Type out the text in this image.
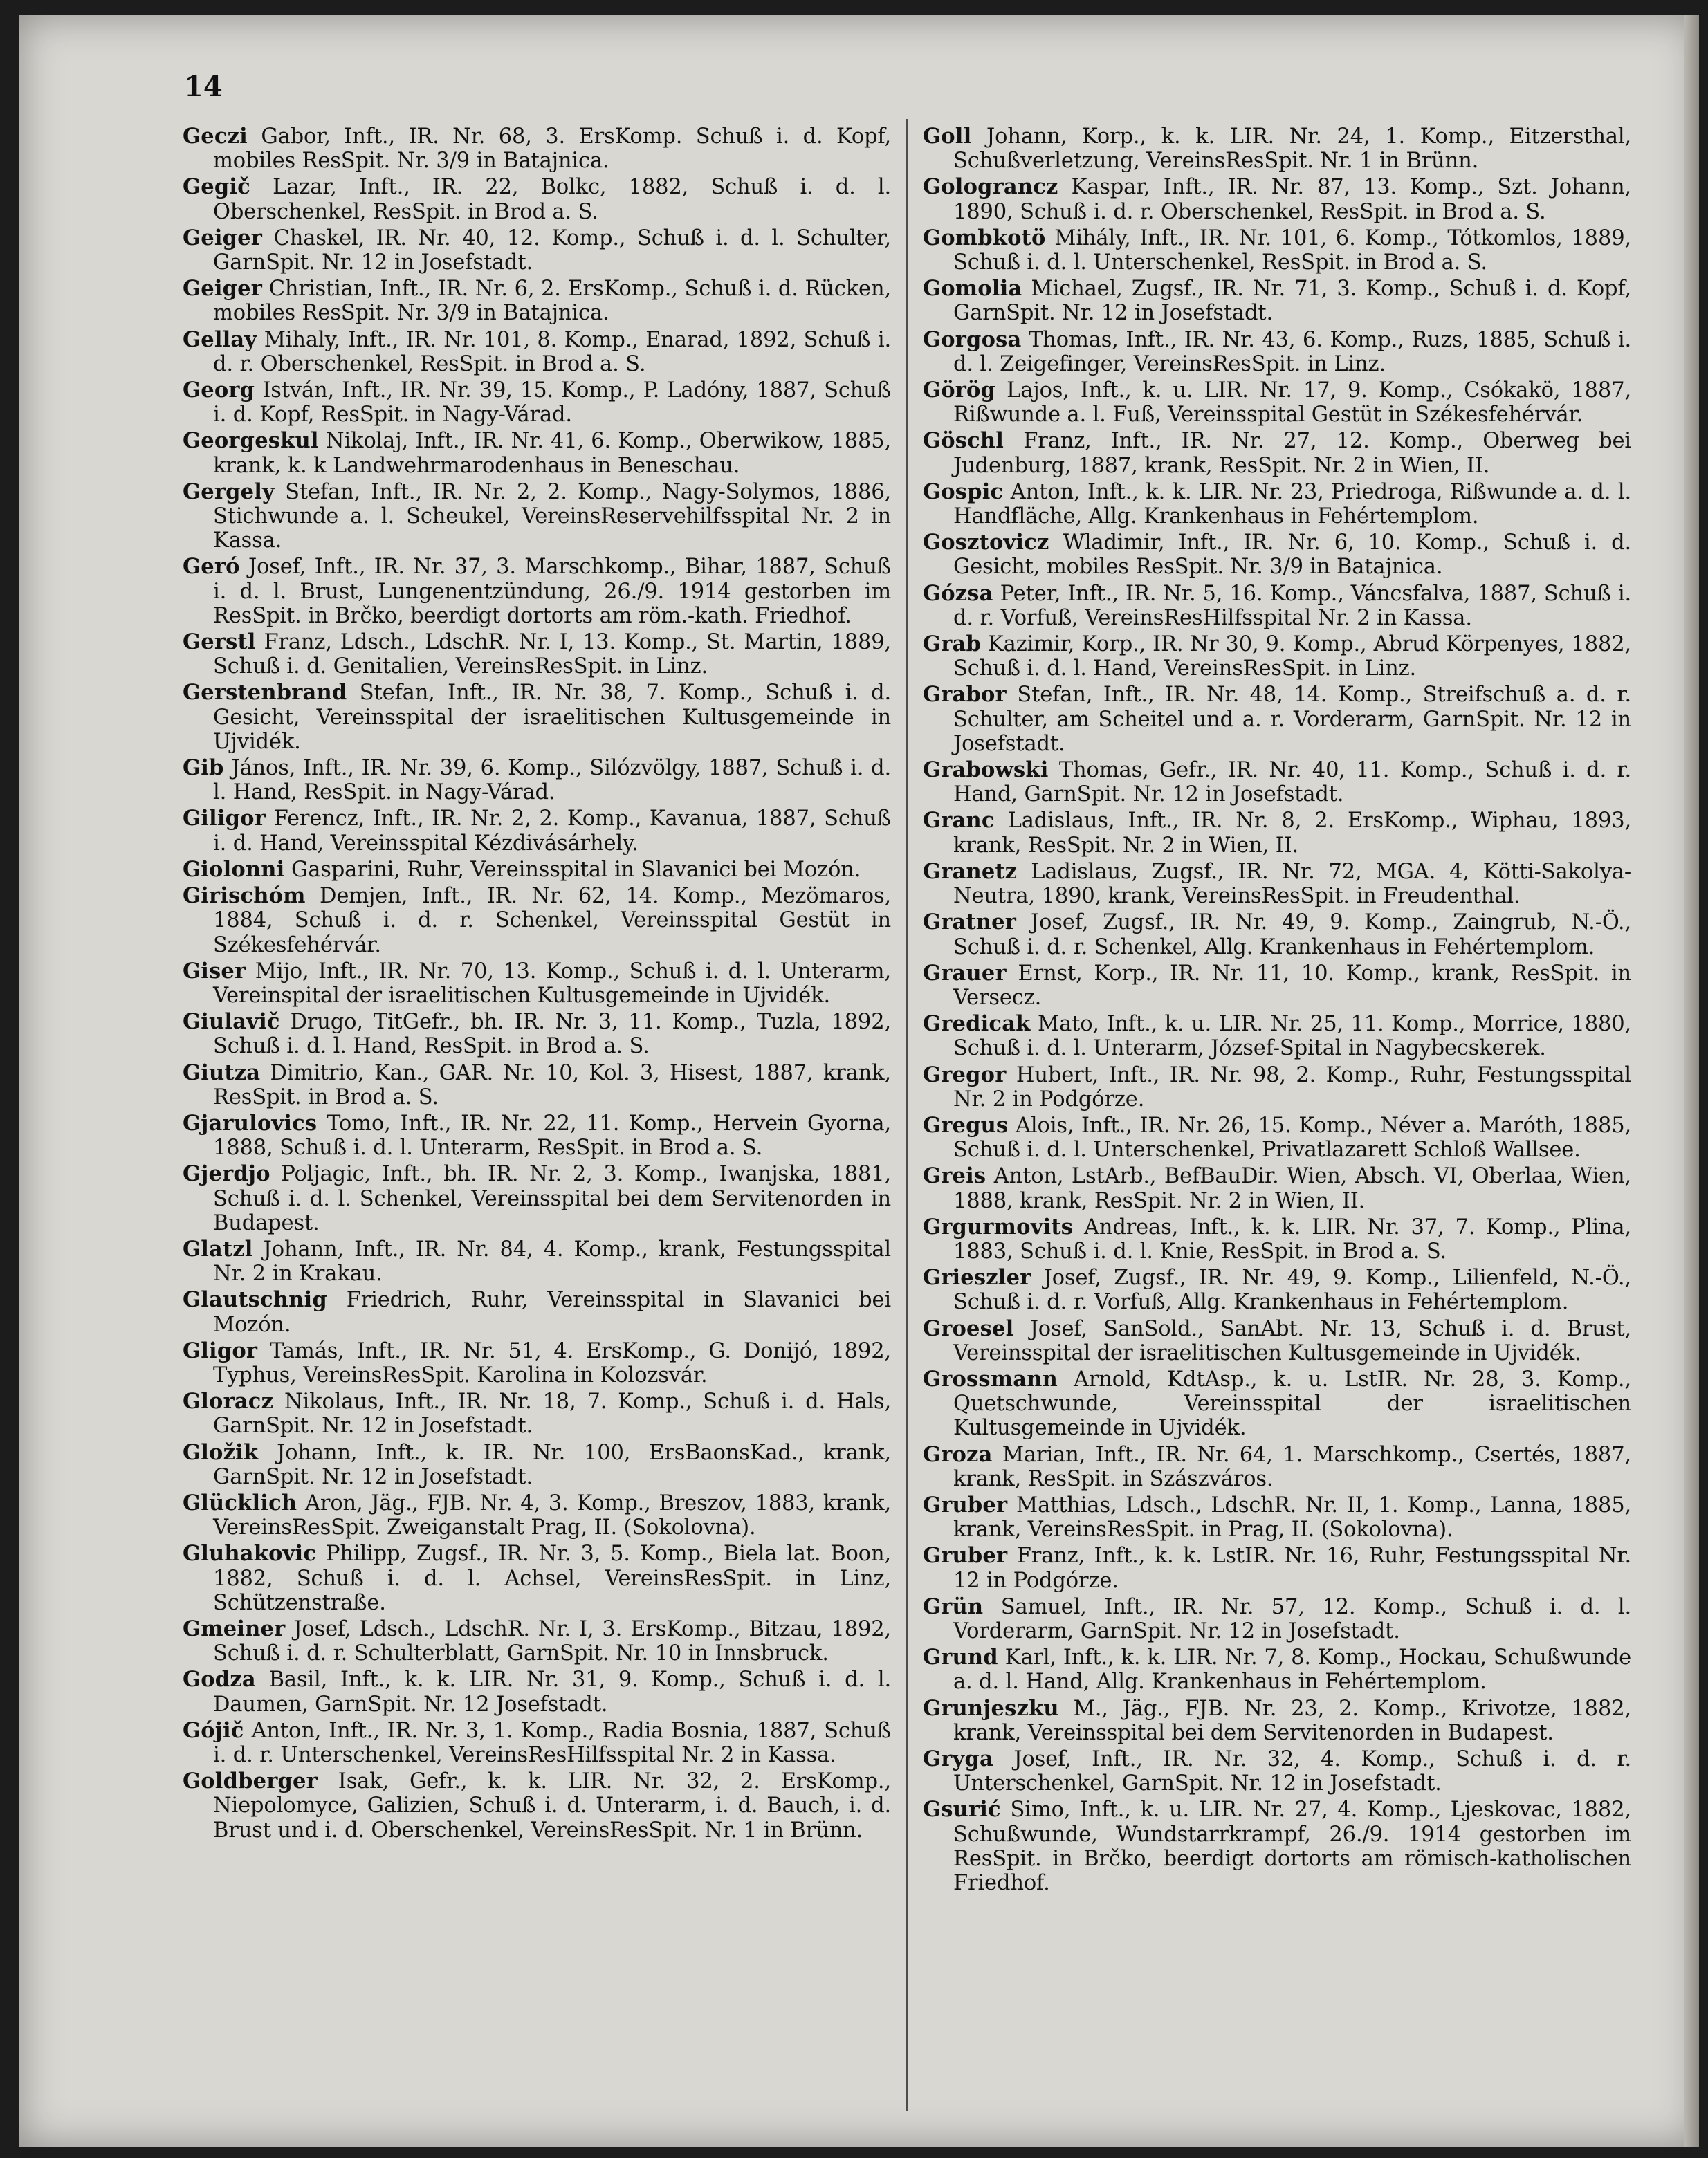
14

Geczi Gabor, Inft., IR. Nr. 68, 3. ErsKomp. Schuß i. d. Kopf, mobiles ResSpit. Nr. 3/9 in Batajnica.

Gegič Lazar, Inft., IR. 22, Bolkc, 1882, Schuß i. d. l. Oberschenkel, ResSpit. in Brod a. S.

Geiger Chaskel, IR. Nr. 40, 12. Komp., Schuß i. d. l. Schulter, GarnSpit. Nr. 12 in Josefstadt.

Geiger Christian, Inft., IR. Nr. 6, 2. ErsKomp., Schuß i. d. Rücken, mobiles ResSpit. Nr. 3/9 in Batajnica.

Gellay Mihaly, Inft., IR. Nr. 101, 8. Komp., Enarad, 1892, Schuß i. d. r. Oberschenkel, ResSpit. in Brod a. S.

Georg István, Inft., IR. Nr. 39, 15. Komp., P. Ladóny, 1887, Schuß i. d. Kopf, ResSpit. in Nagy-Várad.

Georgeskul Nikolaj, Inft., IR. Nr. 41, 6. Komp., Oberwikow, 1885, krank, k. k Landwehrmarodenhaus in Beneschau.

Gergely Stefan, Inft., IR. Nr. 2, 2. Komp., Nagy-Solymos, 1886, Stichwunde a. l. Scheukel, VereinsReservehilfsspital Nr. 2 in Kassa.

Geró Josef, Inft., IR. Nr. 37, 3. Marschkomp., Bihar, 1887, Schuß i. d. l. Brust, Lungenentzündung, 26./9. 1914 gestorben im ResSpit. in Brčko, beerdigt dortorts am röm.-kath. Friedhof.

Gerstl Franz, Ldsch., LdschR. Nr. I, 13. Komp., St. Martin, 1889, Schuß i. d. Genitalien, VereinsResSpit. in Linz.

Gerstenbrand Stefan, Inft., IR. Nr. 38, 7. Komp., Schuß i. d. Gesicht, Vereinsspital der israelitischen Kultusgemeinde in Ujvidék.

Gib János, Inft., IR. Nr. 39, 6. Komp., Silózvölgy, 1887, Schuß i. d. l. Hand, ResSpit. in Nagy-Várad.

Giligor Ferencz, Inft., IR. Nr. 2, 2. Komp., Kavanua, 1887, Schuß i. d. Hand, Vereinsspital Kézdivásárhely.

Giolonni Gasparini, Ruhr, Vereinsspital in Slavanici bei Mozón.

Girischóm Demjen, Inft., IR. Nr. 62, 14. Komp., Mezömaros, 1884, Schuß i. d. r. Schenkel, Vereinsspital Gestüt in Székesfehérvár.

Giser Mijo, Inft., IR. Nr. 70, 13. Komp., Schuß i. d. l. Unterarm, Vereinspital der israelitischen Kultusgemeinde in Ujvidék.

Giulavič Drugo, TitGefr., bh. IR. Nr. 3, 11. Komp., Tuzla, 1892, Schuß i. d. l. Hand, ResSpit. in Brod a. S.

Giutza Dimitrio, Kan., GAR. Nr. 10, Kol. 3, Hisest, 1887, krank, ResSpit. in Brod a. S.

Gjarulovics Tomo, Inft., IR. Nr. 22, 11. Komp., Hervein Gyorna, 1888, Schuß i. d. l. Unterarm, ResSpit. in Brod a. S.

Gjerdjo Poljagic, Inft., bh. IR. Nr. 2, 3. Komp., Iwanjska, 1881, Schuß i. d. l. Schenkel, Vereinsspital bei dem Servitenorden in Budapest.

Glatzl Johann, Inft., IR. Nr. 84, 4. Komp., krank, Festungsspital Nr. 2 in Krakau.

Glautschnig Friedrich, Ruhr, Vereinsspital in Slavanici bei Mozón.

Gligor Tamás, Inft., IR. Nr. 51, 4. ErsKomp., G. Donijó, 1892, Typhus, VereinsResSpit. Karolina in Kolozsvár.

Gloracz Nikolaus, Inft., IR. Nr. 18, 7. Komp., Schuß i. d. Hals, GarnSpit. Nr. 12 in Josefstadt.

Gložik Johann, Inft., k. IR. Nr. 100, ErsBaonsKad., krank, GarnSpit. Nr. 12 in Josefstadt.

Glücklich Aron, Jäg., FJB. Nr. 4, 3. Komp., Breszov, 1883, krank, VereinsResSpit. Zweiganstalt Prag, II. (Sokolovna).

Gluhakovic Philipp, Zugsf., IR. Nr. 3, 5. Komp., Biela lat. Boon, 1882, Schuß i. d. l. Achsel, VereinsResSpit. in Linz, Schützenstraße.

Gmeiner Josef, Ldsch., LdschR. Nr. I, 3. ErsKomp., Bitzau, 1892, Schuß i. d. r. Schulterblatt, GarnSpit. Nr. 10 in Innsbruck.

Godza Basil, Inft., k. k. LIR. Nr. 31, 9. Komp., Schuß i. d. l. Daumen, GarnSpit. Nr. 12 Josefstadt.

Gójič Anton, Inft., IR. Nr. 3, 1. Komp., Radia Bosnia, 1887, Schuß i. d. r. Unterschenkel, VereinsResHilfsspital Nr. 2 in Kassa.

Goldberger Isak, Gefr., k. k. LIR. Nr. 32, 2. ErsKomp., Niepolomyce, Galizien, Schuß i. d. Unterarm, i. d. Bauch, i. d. Brust und i. d. Oberschenkel, VereinsResSpit. Nr. 1 in Brünn.

Goll Johann, Korp., k. k. LIR. Nr. 24, 1. Komp., Eitzersthal, Schußverletzung, VereinsResSpit. Nr. 1 in Brünn.

Golograncz Kaspar, Inft., IR. Nr. 87, 13. Komp., Szt. Johann, 1890, Schuß i. d. r. Oberschenkel, ResSpit. in Brod a. S.

Gombkotö Mihály, Inft., IR. Nr. 101, 6. Komp., Tótkomlos, 1889, Schuß i. d. l. Unterschenkel, ResSpit. in Brod a. S.

Gomolia Michael, Zugsf., IR. Nr. 71, 3. Komp., Schuß i. d. Kopf, GarnSpit. Nr. 12 in Josefstadt.

Gorgosa Thomas, Inft., IR. Nr. 43, 6. Komp., Ruzs, 1885, Schuß i. d. l. Zeigefinger, VereinsResSpit. in Linz.

Görög Lajos, Inft., k. u. LIR. Nr. 17, 9. Komp., Csókakö, 1887, Rißwunde a. l. Fuß, Vereinsspital Gestüt in Székesfehérvár.

Göschl Franz, Inft., IR. Nr. 27, 12. Komp., Oberweg bei Judenburg, 1887, krank, ResSpit. Nr. 2 in Wien, II.

Gospic Anton, Inft., k. k. LIR. Nr. 23, Priedroga, Rißwunde a. d. l. Handfläche, Allg. Krankenhaus in Fehértemplom.

Gosztovicz Wladimir, Inft., IR. Nr. 6, 10. Komp., Schuß i. d. Gesicht, mobiles ResSpit. Nr. 3/9 in Batajnica.

Gózsa Peter, Inft., IR. Nr. 5, 16. Komp., Váncsfalva, 1887, Schuß i. d. r. Vorfuß, VereinsResHilfsspital Nr. 2 in Kassa.

Grab Kazimir, Korp., IR. Nr 30, 9. Komp., Abrud Körpenyes, 1882, Schuß i. d. l. Hand, VereinsResSpit. in Linz.

Grabor Stefan, Inft., IR. Nr. 48, 14. Komp., Streifschuß a. d. r. Schulter, am Scheitel und a. r. Vorderarm, GarnSpit. Nr. 12 in Josefstadt.

Grabowski Thomas, Gefr., IR. Nr. 40, 11. Komp., Schuß i. d. r. Hand, GarnSpit. Nr. 12 in Josefstadt.

Granc Ladislaus, Inft., IR. Nr. 8, 2. ErsKomp., Wiphau, 1893, krank, ResSpit. Nr. 2 in Wien, II.

Granetz Ladislaus, Zugsf., IR. Nr. 72, MGA. 4, Kötti-Sakolya-Neutra, 1890, krank, VereinsResSpit. in Freudenthal.

Gratner Josef, Zugsf., IR. Nr. 49, 9. Komp., Zaingrub, N.-Ö., Schuß i. d. r. Schenkel, Allg. Krankenhaus in Fehértemplom.

Grauer Ernst, Korp., IR. Nr. 11, 10. Komp., krank, ResSpit. in Versecz.

Gredicak Mato, Inft., k. u. LIR. Nr. 25, 11. Komp., Morrice, 1880, Schuß i. d. l. Unterarm, József-Spital in Nagybecskerek.

Gregor Hubert, Inft., IR. Nr. 98, 2. Komp., Ruhr, Festungsspital Nr. 2 in Podgórze.

Gregus Alois, Inft., IR. Nr. 26, 15. Komp., Néver a. Maróth, 1885, Schuß i. d. l. Unterschenkel, Privatlazarett Schloß Wallsee.

Greis Anton, LstArb., BefBauDir. Wien, Absch. VI, Oberlaa, Wien, 1888, krank, ResSpit. Nr. 2 in Wien, II.

Grgurmovits Andreas, Inft., k. k. LIR. Nr. 37, 7. Komp., Plina, 1883, Schuß i. d. l. Knie, ResSpit. in Brod a. S.

Grieszler Josef, Zugsf., IR. Nr. 49, 9. Komp., Lilienfeld, N.-Ö., Schuß i. d. r. Vorfuß, Allg. Krankenhaus in Fehértemplom.

Groesel Josef, SanSold., SanAbt. Nr. 13, Schuß i. d. Brust, Vereinsspital der israelitischen Kultusgemeinde in Ujvidék.

Grossmann Arnold, KdtAsp., k. u. LstIR. Nr. 28, 3. Komp., Quetschwunde, Vereinsspital der israelitischen Kultusgemeinde in Ujvidék.

Groza Marian, Inft., IR. Nr. 64, 1. Marschkomp., Csertés, 1887, krank, ResSpit. in Szászváros.

Gruber Matthias, Ldsch., LdschR. Nr. II, 1. Komp., Lanna, 1885, krank, VereinsResSpit. in Prag, II. (Sokolovna).

Gruber Franz, Inft., k. k. LstIR. Nr. 16, Ruhr, Festungsspital Nr. 12 in Podgórze.

Grün Samuel, Inft., IR. Nr. 57, 12. Komp., Schuß i. d. l. Vorderarm, GarnSpit. Nr. 12 in Josefstadt.

Grund Karl, Inft., k. k. LIR. Nr. 7, 8. Komp., Hockau, Schußwunde a. d. l. Hand, Allg. Krankenhaus in Fehértemplom.

Grunjeszku M., Jäg., FJB. Nr. 23, 2. Komp., Krivotze, 1882, krank, Vereinsspital bei dem Servitenorden in Budapest.

Gryga Josef, Inft., IR. Nr. 32, 4. Komp., Schuß i. d. r. Unterschenkel, GarnSpit. Nr. 12 in Josefstadt.

Gsurić Simo, Inft., k. u. LIR. Nr. 27, 4. Komp., Ljeskovac, 1882, Schußwunde, Wundstarrkrampf, 26./9. 1914 gestorben im ResSpit. in Brčko, beerdigt dortorts am römisch-katholischen Friedhof.
